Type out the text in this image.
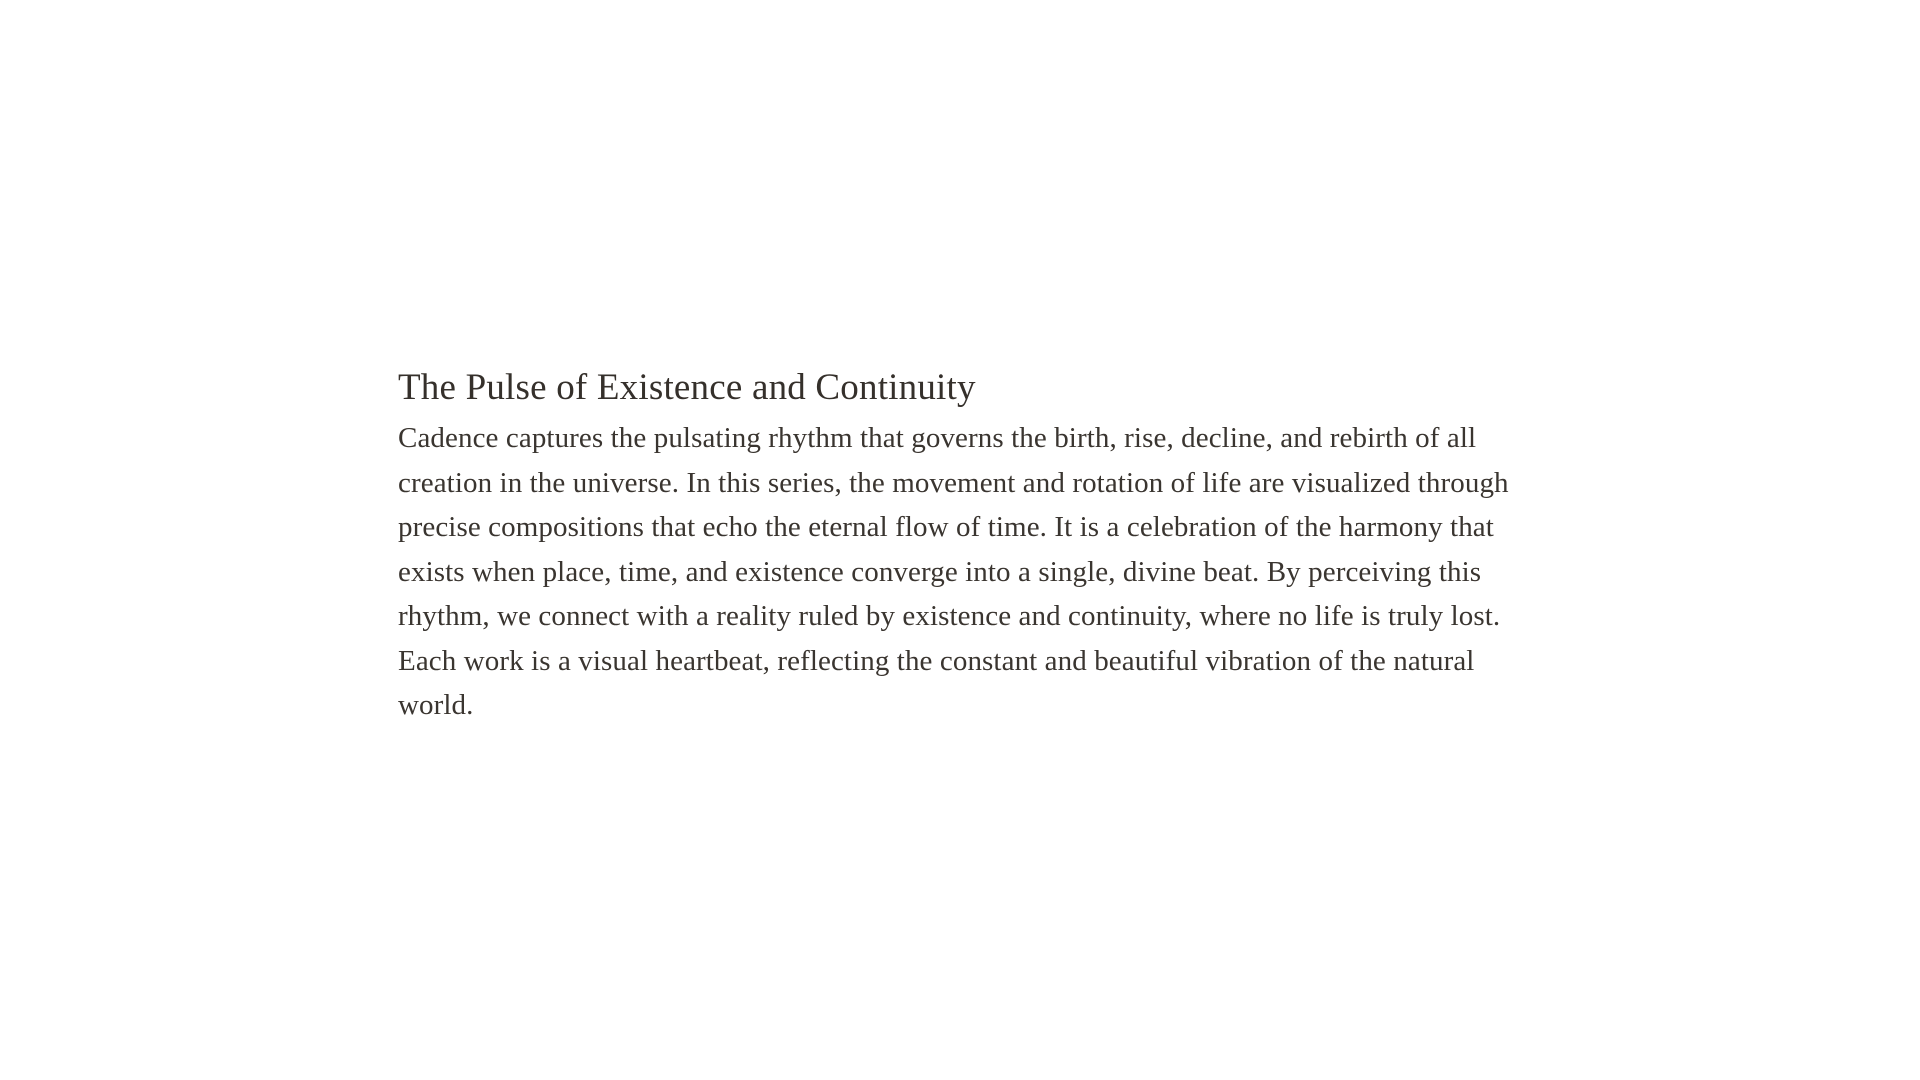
The Pulse of Existence and Continuity

Cadence captures the pulsating rhythm that governs the birth, rise, decline, and rebirth of all creation in the universe. In this series, the movement and rotation of life are visualized through precise compositions that echo the eternal flow of time. It is a celebration of the harmony that exists when place, time, and existence converge into a single, divine beat. By perceiving this rhythm, we connect with a reality ruled by existence and continuity, where no life is truly lost. Each work is a visual heartbeat, reflecting the constant and beautiful vibration of the natural world.
